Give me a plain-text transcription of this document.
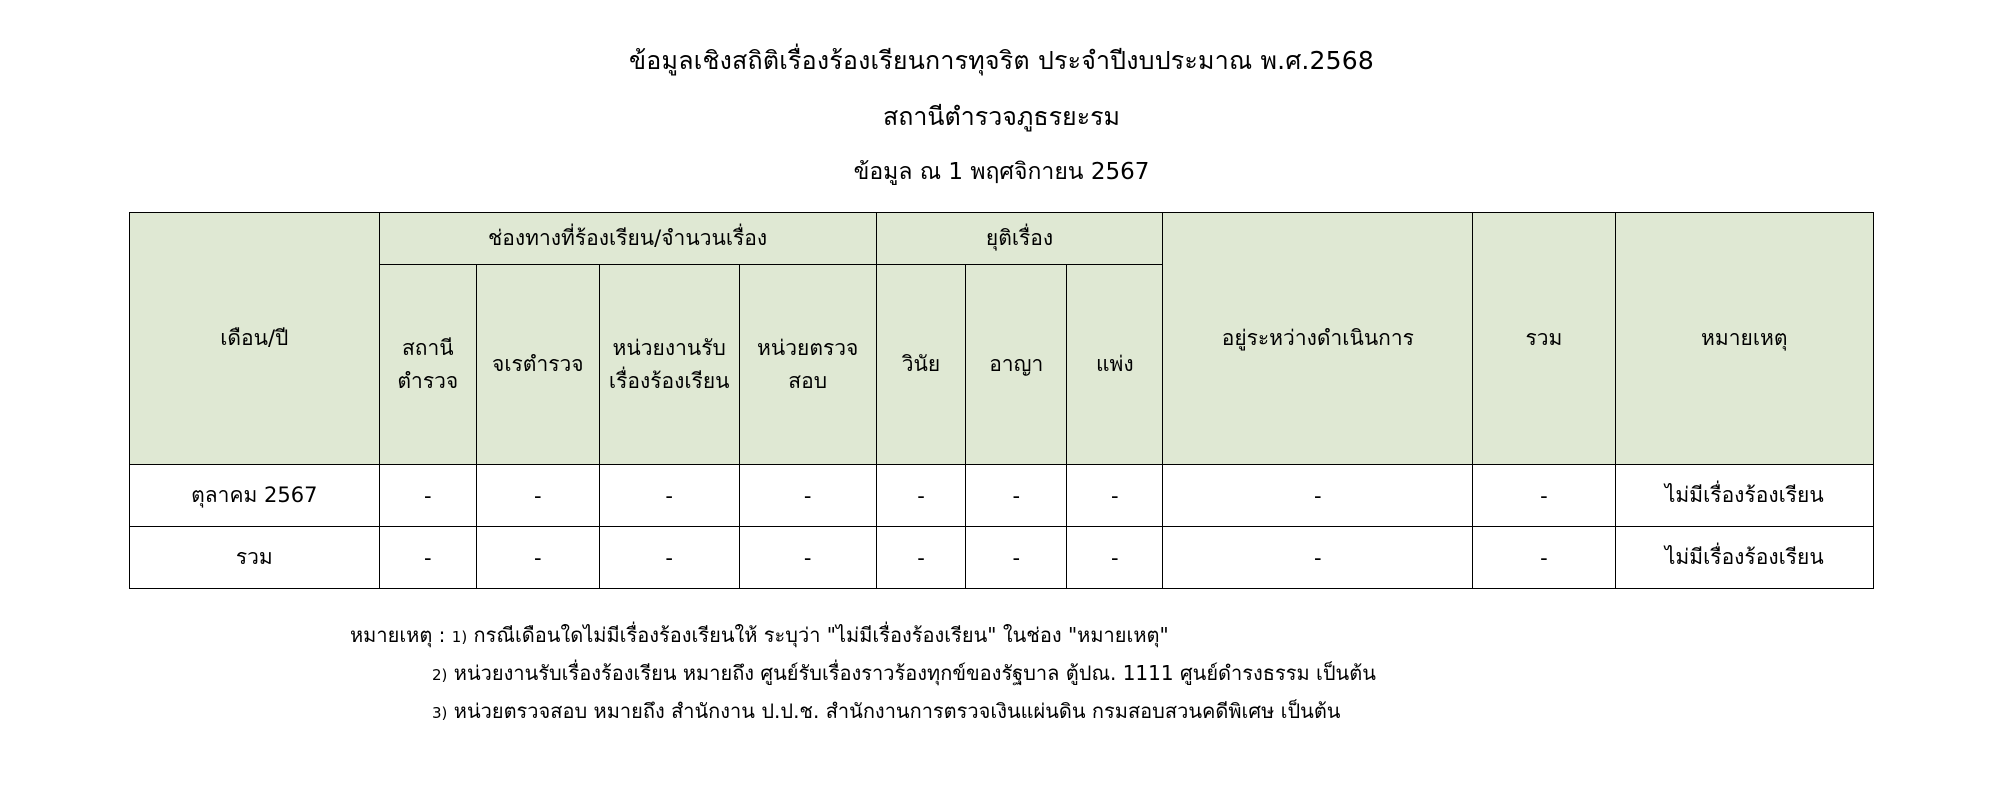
ข้อมูลเชิงสถิติเรื่องร้องเรียนการทุจริต ประจำปีงบประมาณ พ.ศ.2568
สถานีตำรวจภูธรยะรม
ข้อมูล ณ 1 พฤศจิกายน 2567
เดือน/ปี	ช่องทางที่ร้องเรียน/จำนวนเรื่อง				ยุติเรื่อง			อยู่ระหว่างดำเนินการ	รวม	หมายเหตุ
	สถานีตำรวจ	จเรตำรวจ	หน่วยงานรับเรื่องร้องเรียน	หน่วยตรวจสอบ	วินัย	อาญา	แพ่ง			
ตุลาคม 2567	-	-	-	-	-	-	-	-	-	ไม่มีเรื่องร้องเรียน
รวม	-	-	-	-	-	-	-	-	-	ไม่มีเรื่องร้องเรียน
หมายเหตุ : 1) กรณีเดือนใดไม่มีเรื่องร้องเรียนให้ ระบุว่า "ไม่มีเรื่องร้องเรียน" ในช่อง "หมายเหตุ"
2) หน่วยงานรับเรื่องร้องเรียน หมายถึง ศูนย์รับเรื่องราวร้องทุกข์ของรัฐบาล ตู้ปณ. 1111 ศูนย์ดำรงธรรม เป็นต้น
3) หน่วยตรวจสอบ หมายถึง สำนักงาน ป.ป.ช. สำนักงานการตรวจเงินแผ่นดิน กรมสอบสวนคดีพิเศษ เป็นต้น
